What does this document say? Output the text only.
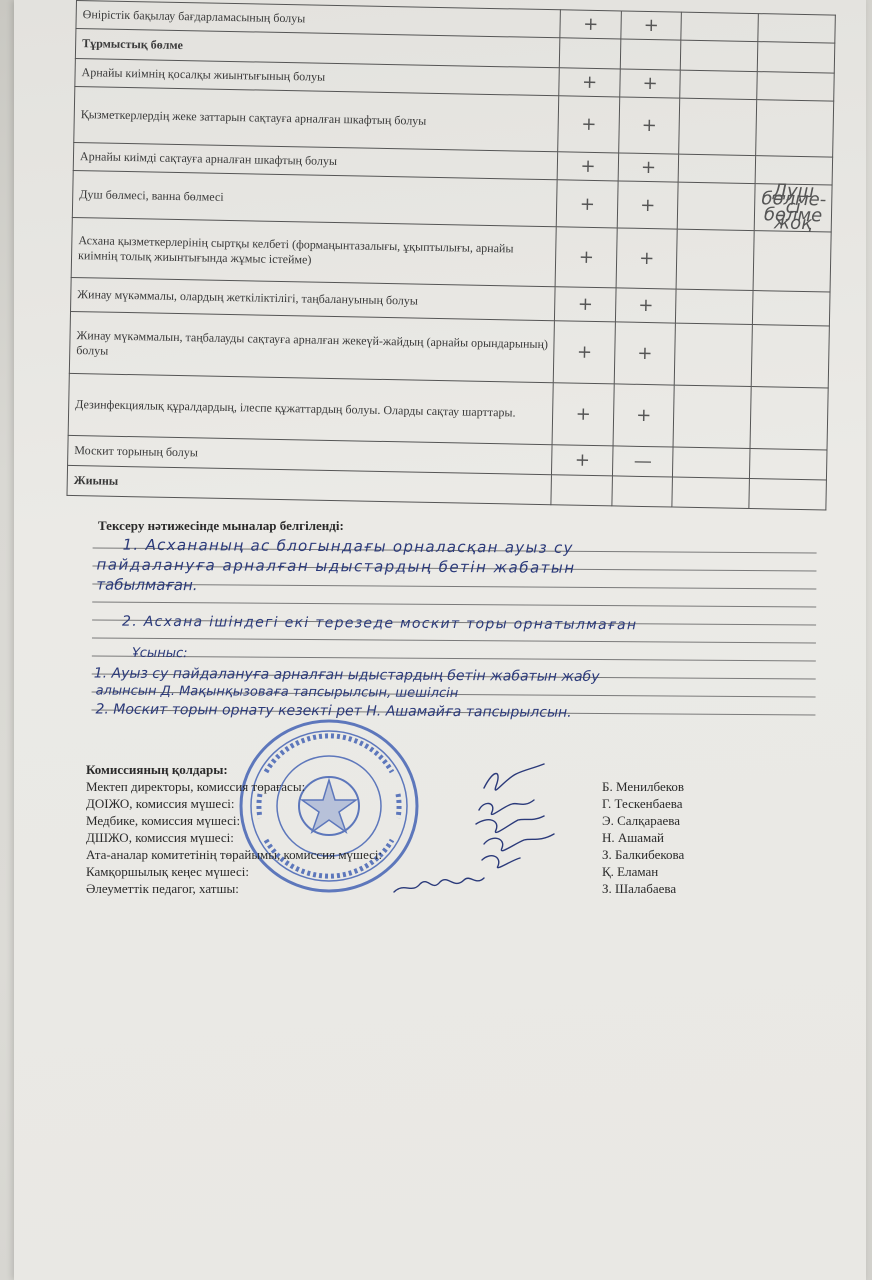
Өнірістік бақылау бағдарламасының болуы	+	+		
Тұрмыстық бөлме				
Арнайы киімнің қосалқы жиынтығының болуы	+	+		
Қызметкерлердің жеке заттарын сақтауға арналған шкафтың болуы	+	+		
Арнайы киімді сақтауға арналған шкафтың болуы	+	+		
Душ бөлмесі, ванна бөлмесі	+	+		Душ бөлме-сі бөлме жоқ
Асхана қызметкерлерінің сыртқы келбеті (формаңынтазалығы, ұқыптылығы, арнайы киімнің толық жиынтығында жұмыс істейме)	+	+		
Жинау мүкәммалы, олардың жеткіліктілігі, таңбалануының болуы	+	+		
Жинау мүкәммалын, таңбалауды сақтауға арналған жекеүй-жайдың (арнайы орындарының) болуы	+	+		
Дезинфекциялық құралдардың, ілеспе құжаттардың болуы. Оларды сақтау шарттары.	+	+		
Москит торының болуы	+	—		
Жиыны				
Тексеру нәтижесінде мыналар белгіленді:
1. Асхананың ас блогындағы орналасқан ауыз су
пайдалануға арналған ыдыстардың бетін жабатын
табылмаған.
2. Асхана ішіндегі екі терезеде москит торы орнатылмаған
Ұсыныс:
1. Ауыз су пайдалануға арналған ыдыстардың бетін жабатын жабу
алынсын Д. Мақынқызоваға тапсырылсын, шешілсін
2. Москит торын орнату кезекті рет Н. Ашамайға тапсырылсын.
Комиссияның қолдары:
Мектеп директоры, комиссия төрағасы:	Б. Менилбеков
ДОІЖО, комиссия мүшесі:	Г. Тескенбаева
Медбике, комиссия мүшесі:	Э. Салқараева
ДШЖО, комиссия мүшесі:	Н. Ашамай
Ата-аналар комитетінің төрайымы, комиссия мүшесі:	З. Балкибекова
Камқоршылық кеңес мүшесі:	Қ. Еламан
Әлеуметтік педагог, хатшы:	З. Шалабаева
